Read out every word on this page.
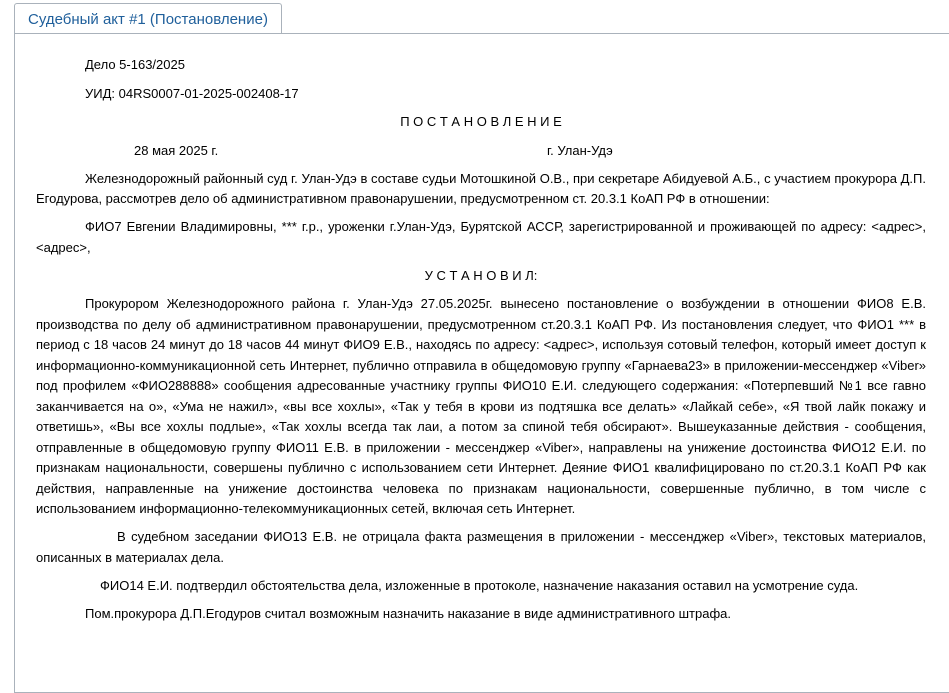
Судебный акт #1 (Постановление)

Дело 5-163/2025

УИД: 04RS0007-01-2025-002408-17

П О С Т А Н О В Л Е Н И Е

28 мая 2025 г.	г. Улан-Удэ

Железнодорожный районный суд г. Улан-Удэ в составе судьи Мотошкиной О.В., при секретаре Абидуевой А.Б., с участием прокурора Д.П. Егодурова, рассмотрев дело об административном правонарушении, предусмотренном ст. 20.3.1 КоАП РФ в отношении:

ФИО7 Евгении Владимировны, *** г.р., уроженки г.Улан-Удэ, Бурятской АССР, зарегистрированной и проживающей по адресу: <адрес>, <адрес>,

У С Т А Н О В И Л:

Прокурором Железнодорожного района г. Улан-Удэ 27.05.2025г. вынесено постановление о возбуждении в отношении ФИО8 Е.В. производства по делу об административном правонарушении, предусмотренном ст.20.3.1 КоАП РФ. Из постановления следует, что ФИО1 *** в период с 18 часов 24 минут до 18 часов 44 минут ФИО9 Е.В., находясь по адресу: <адрес>, используя сотовый телефон, который имеет доступ к информационно-коммуникационной сеть Интернет, публично отправила в общедомовую группу «Гарнаева23» в приложении-мессенджер «Viber» под профилем «ФИО288888» сообщения адресованные участнику группы ФИО10 Е.И. следующего содержания: «Потерпевший №1 все гавно заканчивается на о», «Ума не нажил», «вы все хохлы», «Так у тебя в крови из подтяшка все делать» «Лайкай себе», «Я твой лайк покажу и ответишь», «Вы все хохлы подлые», «Так хохлы всегда так лаи, а потом за спиной тебя обсирают». Вышеуказанные действия - сообщения, отправленные в общедомовую группу ФИО11 Е.В. в приложении - мессенджер «Viber», направлены на унижение достоинства ФИО12 Е.И. по признакам национальности, совершены публично с использованием сети Интернет. Деяние ФИО1 квалифицировано по ст.20.3.1 КоАП РФ как действия, направленные на унижение достоинства человека по признакам национальности, совершенные публично, в том числе с использованием информационно-телекоммуникационных сетей, включая сеть Интернет.

В судебном заседании ФИО13 Е.В. не отрицала факта размещения в приложении - мессенджер «Viber», текстовых материалов, описанных в материалах дела.

ФИО14 Е.И. подтвердил обстоятельства дела, изложенные в протоколе, назначение наказания оставил на усмотрение суда.

Пом.прокурора Д.П.Егодуров считал возможным назначить наказание в виде административного штрафа.
